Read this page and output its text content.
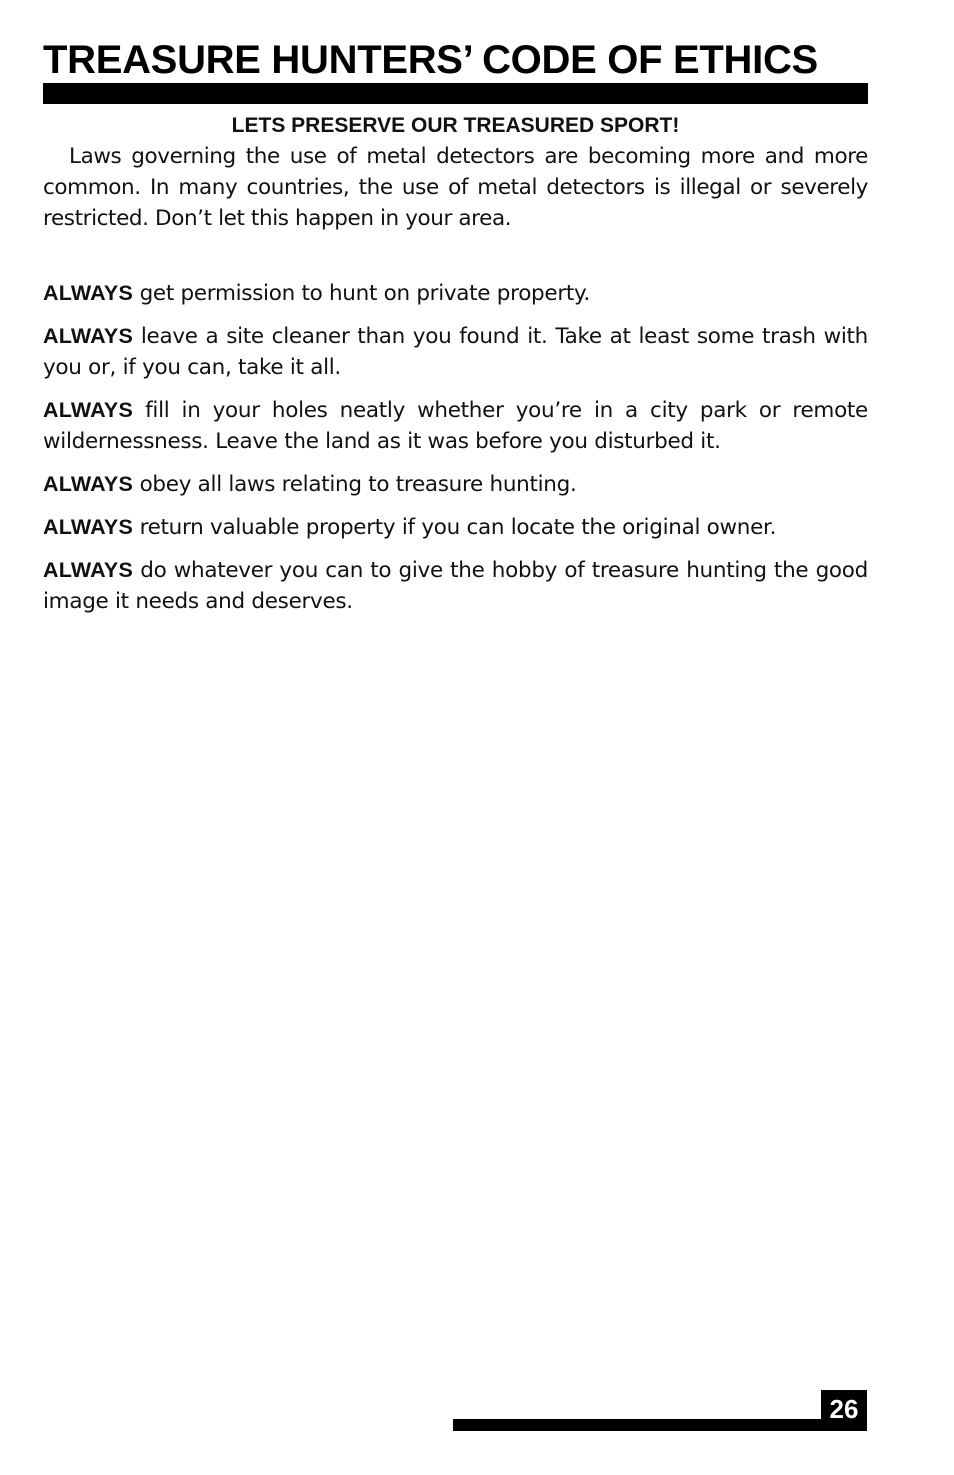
TREASURE HUNTERS’ CODE OF ETHICS

LETS PRESERVE OUR TREASURED SPORT!

Laws governing the use of metal detectors are becoming more and more common. In many countries, the use of metal detectors is illegal or severely restricted. Don’t let this happen in your area.

ALWAYS get permission to hunt on private property.

ALWAYS leave a site cleaner than you found it. Take at least some trash with you or, if you can, take it all.

ALWAYS fill in your holes neatly whether you’re in a city park or remote wildernessness. Leave the land as it was before you disturbed it.

ALWAYS obey all laws relating to treasure hunting.

ALWAYS return valuable property if you can locate the original owner.

ALWAYS do whatever you can to give the hobby of treasure hunting the good image it needs and deserves.

26
